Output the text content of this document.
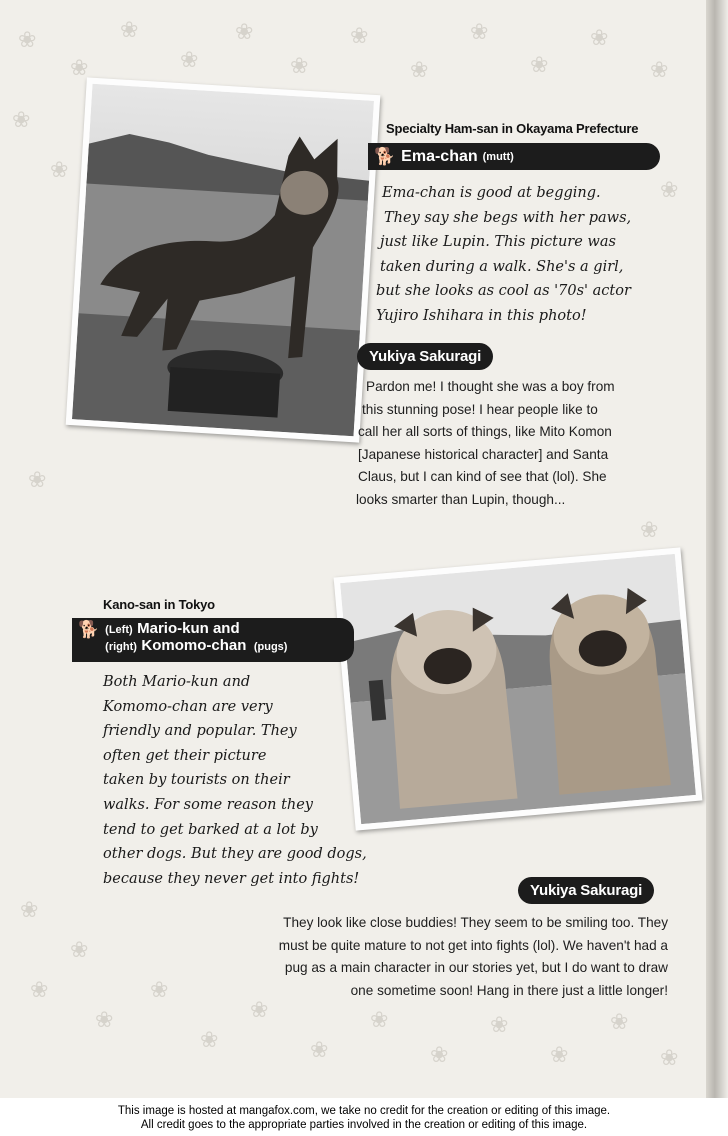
❀
❀
❀
❀
❀
❀
❀
❀
❀
❀
❀
❀
❀
❀
❀
❀
❀
❀
❀
❀
❀
❀
❀
❀
❀
❀
❀
❀
❀
❀
❀
Specialty Ham-san in Okayama Prefecture
🐕 Ema-chan (mutt)
Ema-chan is good at begging.
They say she begs with her paws,
just like Lupin. This picture was
taken during a walk. She's a girl,
but she looks as cool as '70s' actor
Yujiro Ishihara in this photo!
Yukiya Sakuragi
Pardon me! I thought she was a boy from
this stunning pose! I hear people like to
call her all sorts of things, like Mito Komon
[Japanese historical character] and Santa
Claus, but I can kind of see that (lol). She
looks smarter than Lupin, though...
Kano-san in Tokyo
🐕 (Left) Mario-kun and
(right) Komomo-chan (pugs)
Both Mario-kun and
Komomo-chan are very
friendly and popular. They
often get their picture
taken by tourists on their
walks. For some reason they
tend to get barked at a lot by
other dogs. But they are good dogs,
because they never get into fights!
Yukiya Sakuragi
They look like close buddies! They seem to be smiling too. They
must be quite mature to not get into fights (lol). We haven't had a
pug as a main character in our stories yet, but I do want to draw
one sometime soon! Hang in there just a little longer!
This image is hosted at mangafox.com, we take no credit for the creation or editing of this image.
All credit goes to the appropriate parties involved in the creation or editing of this image.
